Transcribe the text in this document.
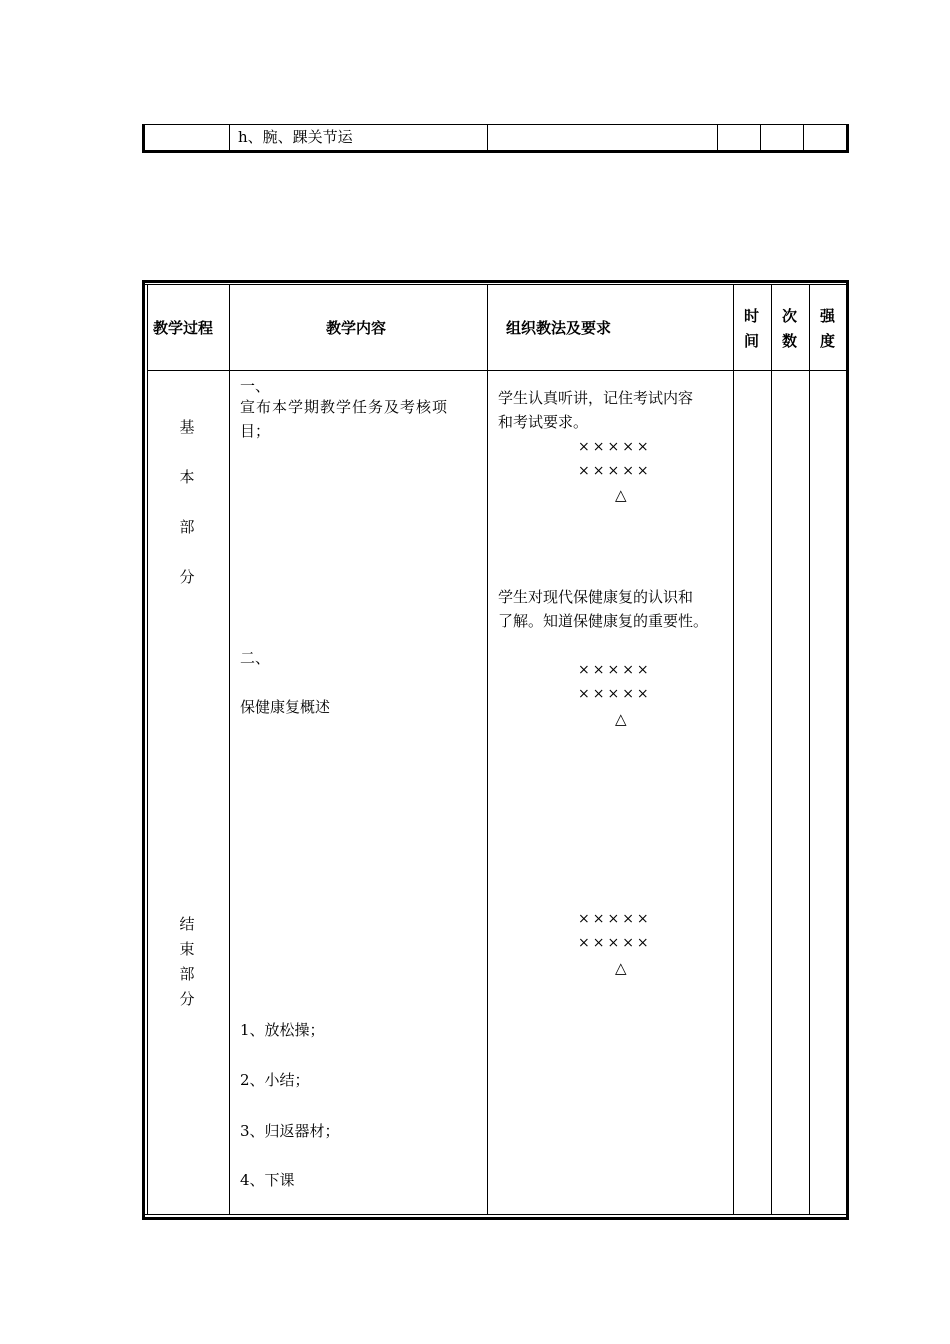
h、腕、踝关节运
教学过程	教学内容	组织教法及要求
时间
次数
强度
基
本
部
分
结
束
部
分
一、
宣布本学期教学任务及考核项
目；
二、
保健康复概述
1、放松操；
2、小结；
3、归返器材；
4、下课
学生认真听讲，记住考试内容
和考试要求。
×××××
×××××
△
学生对现代保健康复的认识和
了解。知道保健康复的重要性。
×××××
×××××
△
×××××
×××××
△
